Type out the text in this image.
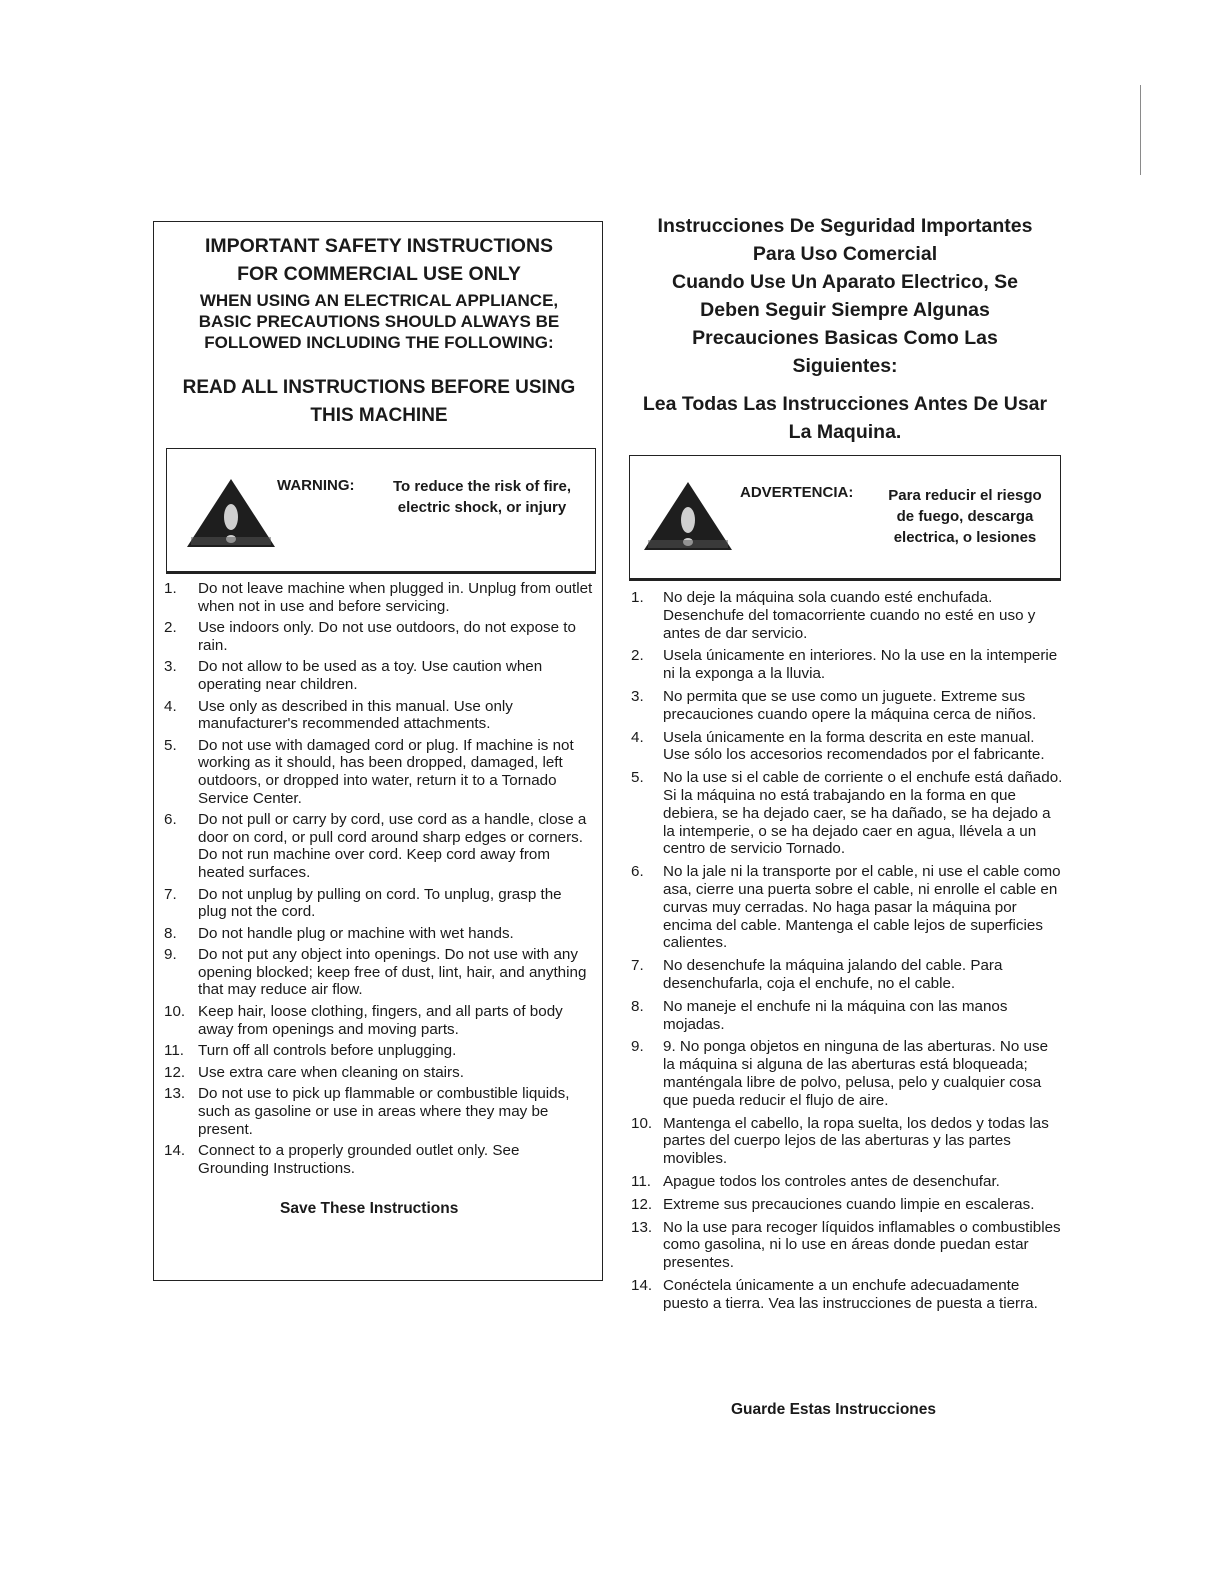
IMPORTANT SAFETY INSTRUCTIONS
FOR COMMERCIAL USE ONLY
WHEN USING AN ELECTRICAL APPLIANCE,
BASIC PRECAUTIONS SHOULD ALWAYS BE
FOLLOWED INCLUDING THE FOLLOWING:
READ ALL INSTRUCTIONS BEFORE USING
THIS MACHINE
WARNING:	To reduce the risk of fire,
electric shock, or injury
1. Do not leave machine when plugged in. Unplug from outlet when not in use and before servicing.
2. Use indoors only. Do not use outdoors, do not expose to rain.
3. Do not allow to be used as a toy. Use caution when operating near children.
4. Use only as described in this manual. Use only manufacturer's recommended attachments.
5. Do not use with damaged cord or plug. If machine is not working as it should, has been dropped, damaged, left outdoors, or dropped into water, return it to a Tornado Service Center.
6. Do not pull or carry by cord, use cord as a handle, close a door on cord, or pull cord around sharp edges or corners. Do not run machine over cord. Keep cord away from heated surfaces.
7. Do not unplug by pulling on cord. To unplug, grasp the plug not the cord.
8. Do not handle plug or machine with wet hands.
9. Do not put any object into openings. Do not use with any opening blocked; keep free of dust, lint, hair, and anything that may reduce air flow.
10. Keep hair, loose clothing, fingers, and all parts of body away from openings and moving parts.
11. Turn off all controls before unplugging.
12. Use extra care when cleaning on stairs.
13. Do not use to pick up flammable or combustible liquids, such as gasoline or use in areas where they may be present.
14. Connect to a properly grounded outlet only. See Grounding Instructions.
Save These Instructions
Instrucciones De Seguridad Importantes
Para Uso Comercial
Cuando Use Un Aparato Electrico, Se
Deben Seguir Siempre Algunas
Precauciones Basicas Como Las
Siguientes:
Lea Todas Las Instrucciones Antes De Usar
La Maquina.
ADVERTENCIA:	Para reducir el riesgo
de fuego, descarga
electrica, o lesiones
1. No deje la máquina sola cuando esté enchufada. Desenchufe del tomacorriente cuando no esté en uso y antes de dar servicio.
2. Usela únicamente en interiores. No la use en la intemperie ni la exponga a la lluvia.
3. No permita que se use como un juguete. Extreme sus precauciones cuando opere la máquina cerca de niños.
4. Usela únicamente en la forma descrita en este manual. Use sólo los accesorios recomendados por el fabricante.
5. No la use si el cable de corriente o el enchufe está dañado. Si la máquina no está trabajando en la forma en que debiera, se ha dejado caer, se ha dañado, se ha dejado a la intemperie, o se ha dejado caer en agua, llévela a un centro de servicio Tornado.
6. No la jale ni la transporte por el cable, ni use el cable como asa, cierre una puerta sobre el cable, ni enrolle el cable en curvas muy cerradas. No haga pasar la máquina por encima del cable. Mantenga el cable lejos de superficies calientes.
7. No desenchufe la máquina jalando del cable. Para desenchufarla, coja el enchufe, no el cable.
8. No maneje el enchufe ni la máquina con las manos mojadas.
9. 9. No ponga objetos en ninguna de las aberturas. No use la máquina si alguna de las aberturas está bloqueada; manténgala libre de polvo, pelusa, pelo y cualquier cosa que pueda reducir el flujo de aire.
10. Mantenga el cabello, la ropa suelta, los dedos y todas las partes del cuerpo lejos de las aberturas y las partes movibles.
11. Apague todos los controles antes de desenchufar.
12. Extreme sus precauciones cuando limpie en escaleras.
13. No la use para recoger líquidos inflamables o combustibles como gasolina, ni lo use en áreas donde puedan estar presentes.
14. Conéctela únicamente a un enchufe adecuadamente puesto a tierra. Vea las instrucciones de puesta a tierra.
Guarde Estas Instrucciones
